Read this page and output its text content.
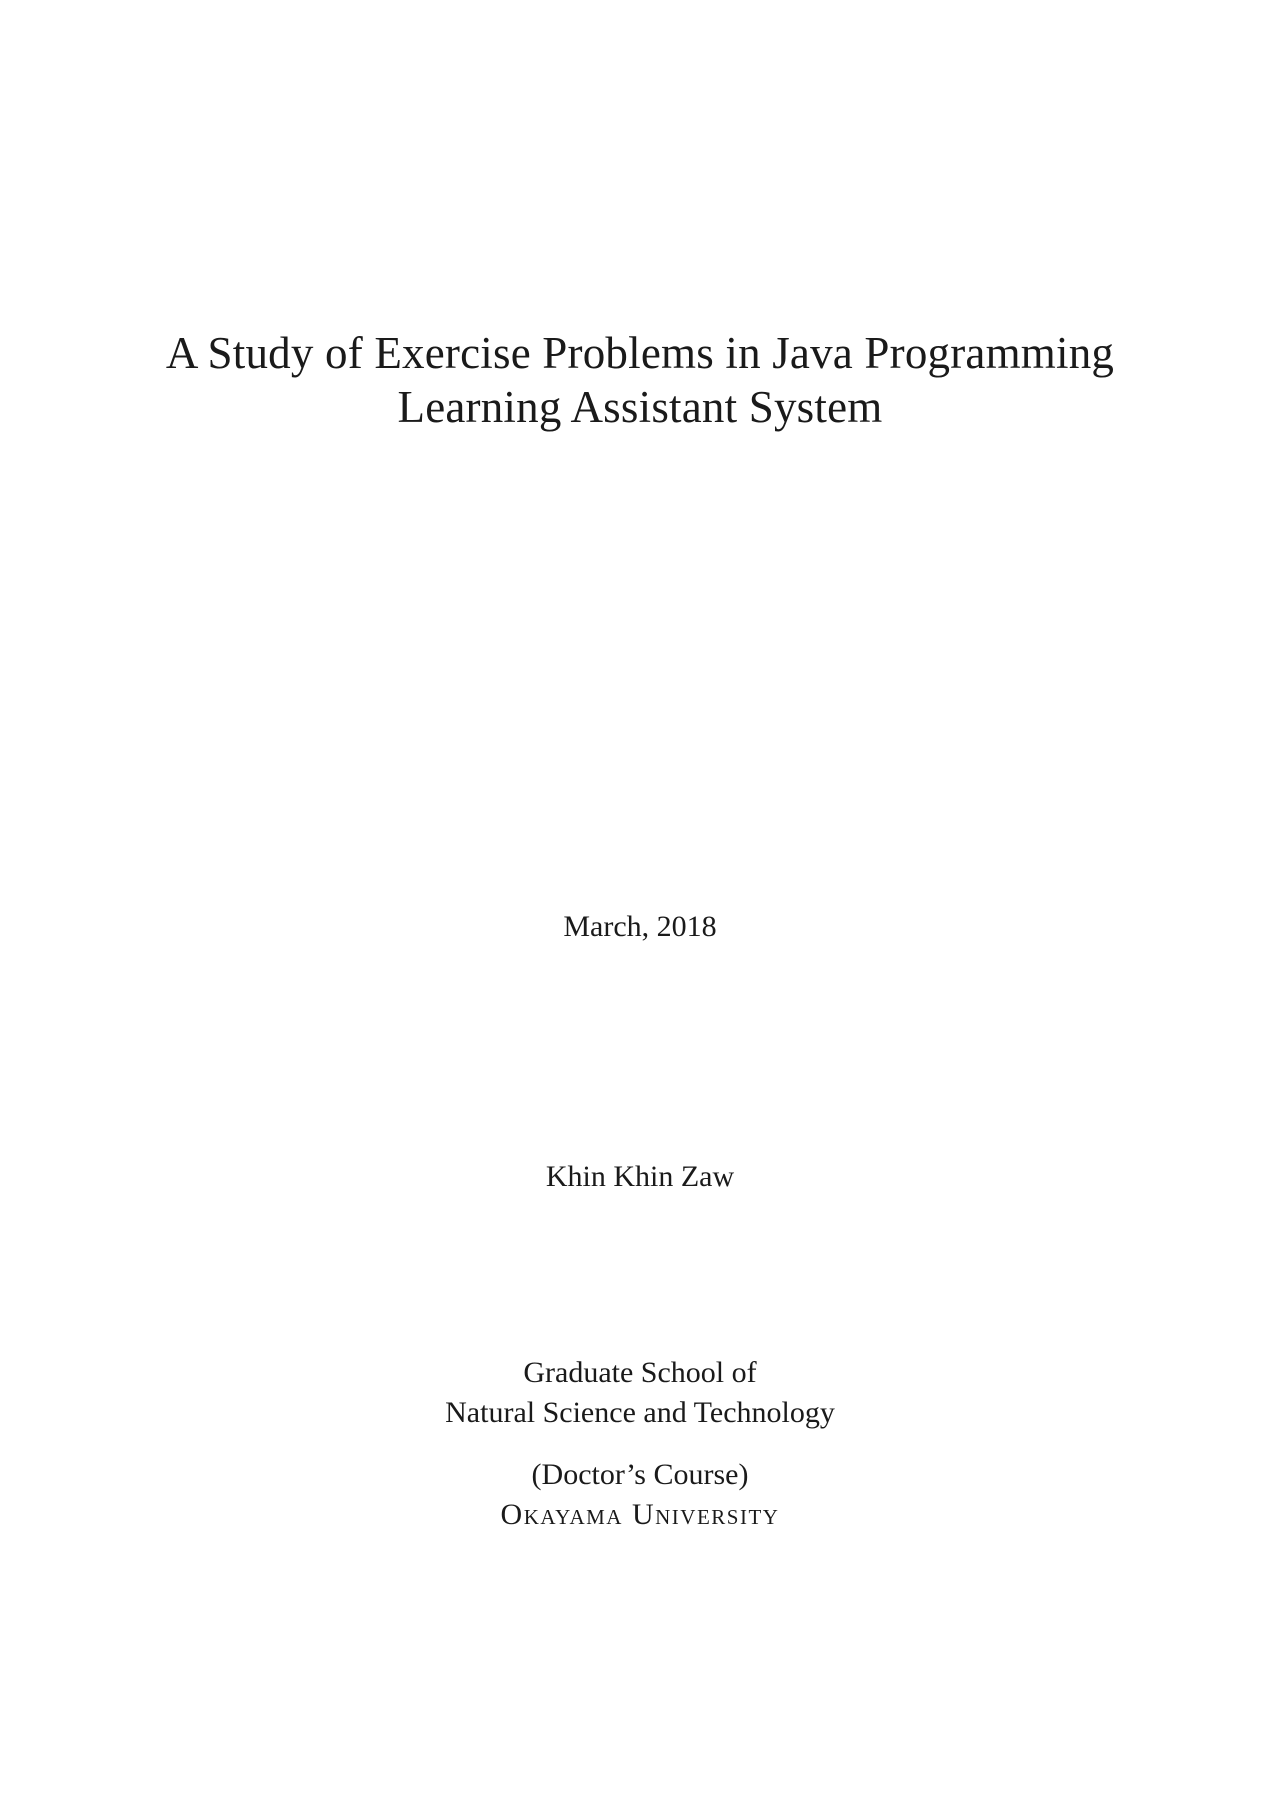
A Study of Exercise Problems in Java Programming
Learning Assistant System
March, 2018
Khin Khin Zaw
Graduate School of
Natural Science and Technology
(Doctor’s Course)
Okayama University
